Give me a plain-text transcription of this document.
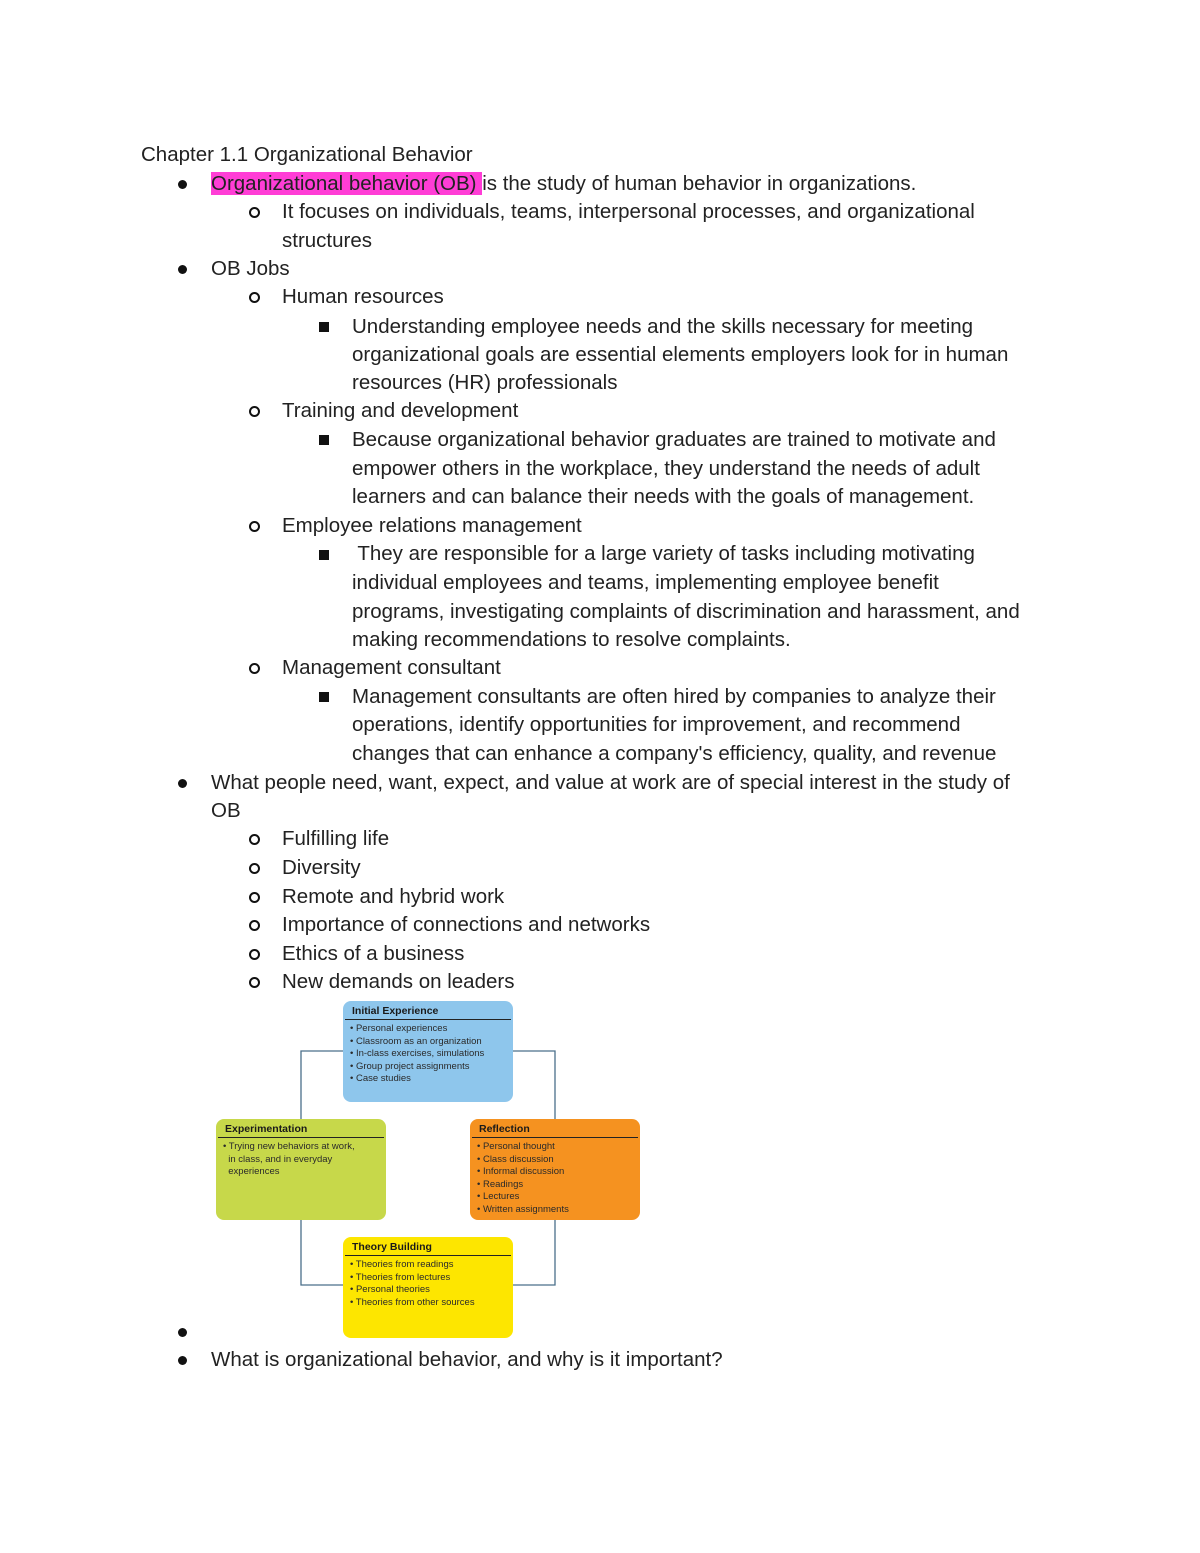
Chapter 1.1 Organizational Behavior
Organizational behavior (OB) is the study of human behavior in organizations.
It focuses on individuals, teams, interpersonal processes, and organizational
structures
OB Jobs
Human resources
Understanding employee needs and the skills necessary for meeting
organizational goals are essential elements employers look for in human
resources (HR) professionals
Training and development
Because organizational behavior graduates are trained to motivate and
empower others in the workplace, they understand the needs of adult
learners and can balance their needs with the goals of management.
Employee relations management
They are responsible for a large variety of tasks including motivating
individual employees and teams, implementing employee benefit
programs, investigating complaints of discrimination and harassment, and
making recommendations to resolve complaints.
Management consultant
Management consultants are often hired by companies to analyze their
operations, identify opportunities for improvement, and recommend
changes that can enhance a company's efficiency, quality, and revenue
What people need, want, expect, and value at work are of special interest in the study of
OB
Fulfilling life
Diversity
Remote and hybrid work
Importance of connections and networks
Ethics of a business
New demands on leaders
Initial Experience
• Personal experiences
• Classroom as an organization
• In-class exercises, simulations
• Group project assignments
• Case studies
Reflection
• Personal thought
• Class discussion
• Informal discussion
• Readings
• Lectures
• Written assignments
Experimentation
• Trying new behaviors at work,
in class, and in everyday
experiences
Theory Building
• Theories from readings
• Theories from lectures
• Personal theories
• Theories from other sources
What is organizational behavior, and why is it important?
